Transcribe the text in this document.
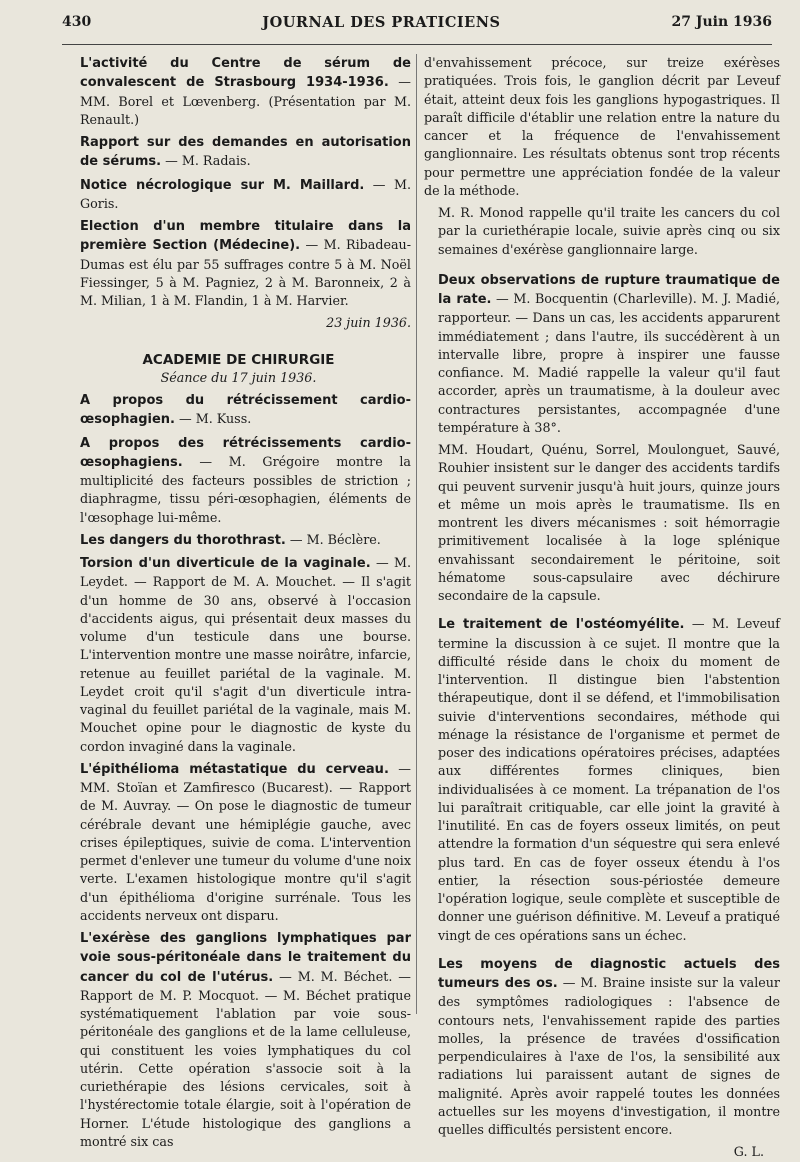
430	JOURNAL DES PRATICIENS	27 Juin 1936

L'activité du Centre de sérum de convalescent de Strasbourg 1934-1936. — MM. Borel et Lœvenberg. (Présentation par M. Renault.)

Rapport sur des demandes en autorisation de sérums. — M. Radais.

Notice nécrologique sur M. Maillard. — M. Goris.

Election d'un membre titulaire dans la première Section (Médecine). — M. Ribadeau-Dumas est élu par 55 suffrages contre 5 à M. Noël Fiessinger, 5 à M. Pagniez, 2 à M. Baronneix, 2 à M. Milian, 1 à M. Flandin, 1 à M. Harvier.

23 juin 1936.

ACADEMIE DE CHIRURGIE
Séance du 17 juin 1936.

A propos du rétrécissement cardio-œsophagien. — M. Kuss.

A propos des rétrécissements cardio-œsophagiens. — M. Grégoire montre la multiplicité des facteurs possibles de striction ; diaphragme, tissu péri-œsophagien, éléments de l'œsophage lui-même.

Les dangers du thorothrast. — M. Béclère.

Torsion d'un diverticule de la vaginale. — M. Leydet. — Rapport de M. A. Mouchet. — Il s'agit d'un homme de 30 ans, observé à l'occasion d'accidents aigus, qui présentait deux masses du volume d'un testicule dans une bourse. L'intervention montre une masse noirâtre, infarcie, retenue au feuillet pariétal de la vaginale. M. Leydet croit qu'il s'agit d'un diverticule intra-vaginal du feuillet pariétal de la vaginale, mais M. Mouchet opine pour le diagnostic de kyste du cordon invaginé dans la vaginale.

L'épithélioma métastatique du cerveau. — MM. Stoïan et Zamfiresco (Bucarest). — Rapport de M. Auvray. — On pose le diagnostic de tumeur cérébrale devant une hémiplégie gauche, avec crises épileptiques, suivie de coma. L'intervention permet d'enlever une tumeur du volume d'une noix verte. L'examen histologique montre qu'il s'agit d'un épithélioma d'origine surrénale. Tous les accidents nerveux ont disparu.

L'exérèse des ganglions lymphatiques par voie sous-péritonéale dans le traitement du cancer du col de l'utérus. — M. M. Béchet. — Rapport de M. P. Mocquot. — M. Béchet pratique systématiquement l'ablation par voie sous-péritonéale des ganglions et de la lame celluleuse, qui constituent les voies lymphatiques du col utérin. Cette opération s'associe soit à la curiethérapie des lésions cervicales, soit à l'hystérectomie totale élargie, soit à l'opération de Horner. L'étude histologique des ganglions a montré six cas

d'envahissement précoce, sur treize exérèses pratiquées. Trois fois, le ganglion décrit par Leveuf était, atteint deux fois les ganglions hypogastriques. Il paraît difficile d'établir une relation entre la nature du cancer et la fréquence de l'envahissement ganglionnaire. Les résultats obtenus sont trop récents pour permettre une appréciation fondée de la valeur de la méthode.

M. R. Monod rappelle qu'il traite les cancers du col par la curiethérapie locale, suivie après cinq ou six semaines d'exérèse ganglionnaire large.

Deux observations de rupture traumatique de la rate. — M. Bocquentin (Charleville). M. J. Madié, rapporteur. — Dans un cas, les accidents apparurent immédiatement ; dans l'autre, ils succédèrent à un intervalle libre, propre à inspirer une fausse confiance. M. Madié rappelle la valeur qu'il faut accorder, après un traumatisme, à la douleur avec contractures persistantes, accompagnée d'une température à 38°.

MM. Houdart, Quénu, Sorrel, Moulonguet, Sauvé, Rouhier insistent sur le danger des accidents tardifs qui peuvent survenir jusqu'à huit jours, quinze jours et même un mois après le traumatisme. Ils en montrent les divers mécanismes : soit hémorragie primitivement localisée à la loge splénique envahissant secondairement le péritoine, soit hématome sous-capsulaire avec déchirure secondaire de la capsule.

Le traitement de l'ostéomyélite. — M. Leveuf termine la discussion à ce sujet. Il montre que la difficulté réside dans le choix du moment de l'intervention. Il distingue bien l'abstention thérapeutique, dont il se défend, et l'immobilisation suivie d'interventions secondaires, méthode qui ménage la résistance de l'organisme et permet de poser des indications opératoires précises, adaptées aux différentes formes cliniques, bien individualisées à ce moment. La trépanation de l'os lui paraîtrait critiquable, car elle joint la gravité à l'inutilité. En cas de foyers osseux limités, on peut attendre la formation d'un séquestre qui sera enlevé plus tard. En cas de foyer osseux étendu à l'os entier, la résection sous-périostée demeure l'opération logique, seule complète et susceptible de donner une guérison définitive. M. Leveuf a pratiqué vingt de ces opérations sans un échec.

Les moyens de diagnostic actuels des tumeurs des os. — M. Braine insiste sur la valeur des symptômes radiologiques : l'absence de contours nets, l'envahissement rapide des parties molles, la présence de travées d'ossification perpendiculaires à l'axe de l'os, la sensibilité aux radiations lui paraissent autant de signes de malignité. Après avoir rappelé toutes les données actuelles sur les moyens d'investigation, il montre quelles difficultés persistent encore.

G. L.
